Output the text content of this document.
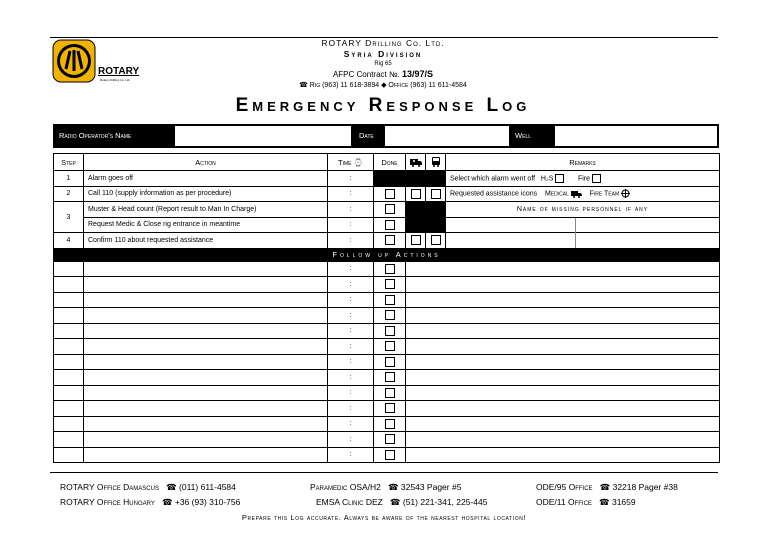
ROTARY
Rotary Drilling Co. Ltd.
ROTARY Drilling Co. Ltd.
Syria Division
Rig 65
AFPC Contract №. 13/97/S
☎ Rig (963) 11 618-3894 ◆ Office (963) 11 611-4584
Emergency Response Log
Radio Operator's Name	Date	Well
Step	Action	Time ⌚	Done			Remarks	
1	Alarm goes off	:				Select which alarm went off H₂S Fire	
2	Call 110 (supply information as per procedure)	:				Requested assistance icons Medical Fire Team	
3	Muster & Head count (Report result to Man In Charge)	:				Name of missing personnel if any	
	Request Medic & Close rig entrance in meantime	:					
4	Confirm 110 about requested assistance	:					
Follow up Actions							
		:					
		:					
		:					
		:					
		:					
		:					
		:					
		:					
		:					
		:					
		:					
		:					
		:					
ROTARY Office Damascus ☎ (011) 611-4584
ROTARY Office Hungary ☎ +36 (93) 310-756
Paramedic OSA/H2 ☎ 32543 Pager #5
EMSA Clinic DEZ ☎ (51) 221-341, 225-445
ODE/95 Office ☎ 32218 Pager #38
ODE/11 Office ☎ 31659
Prepare this Log accurate. Always be aware of the nearest hospital location!
